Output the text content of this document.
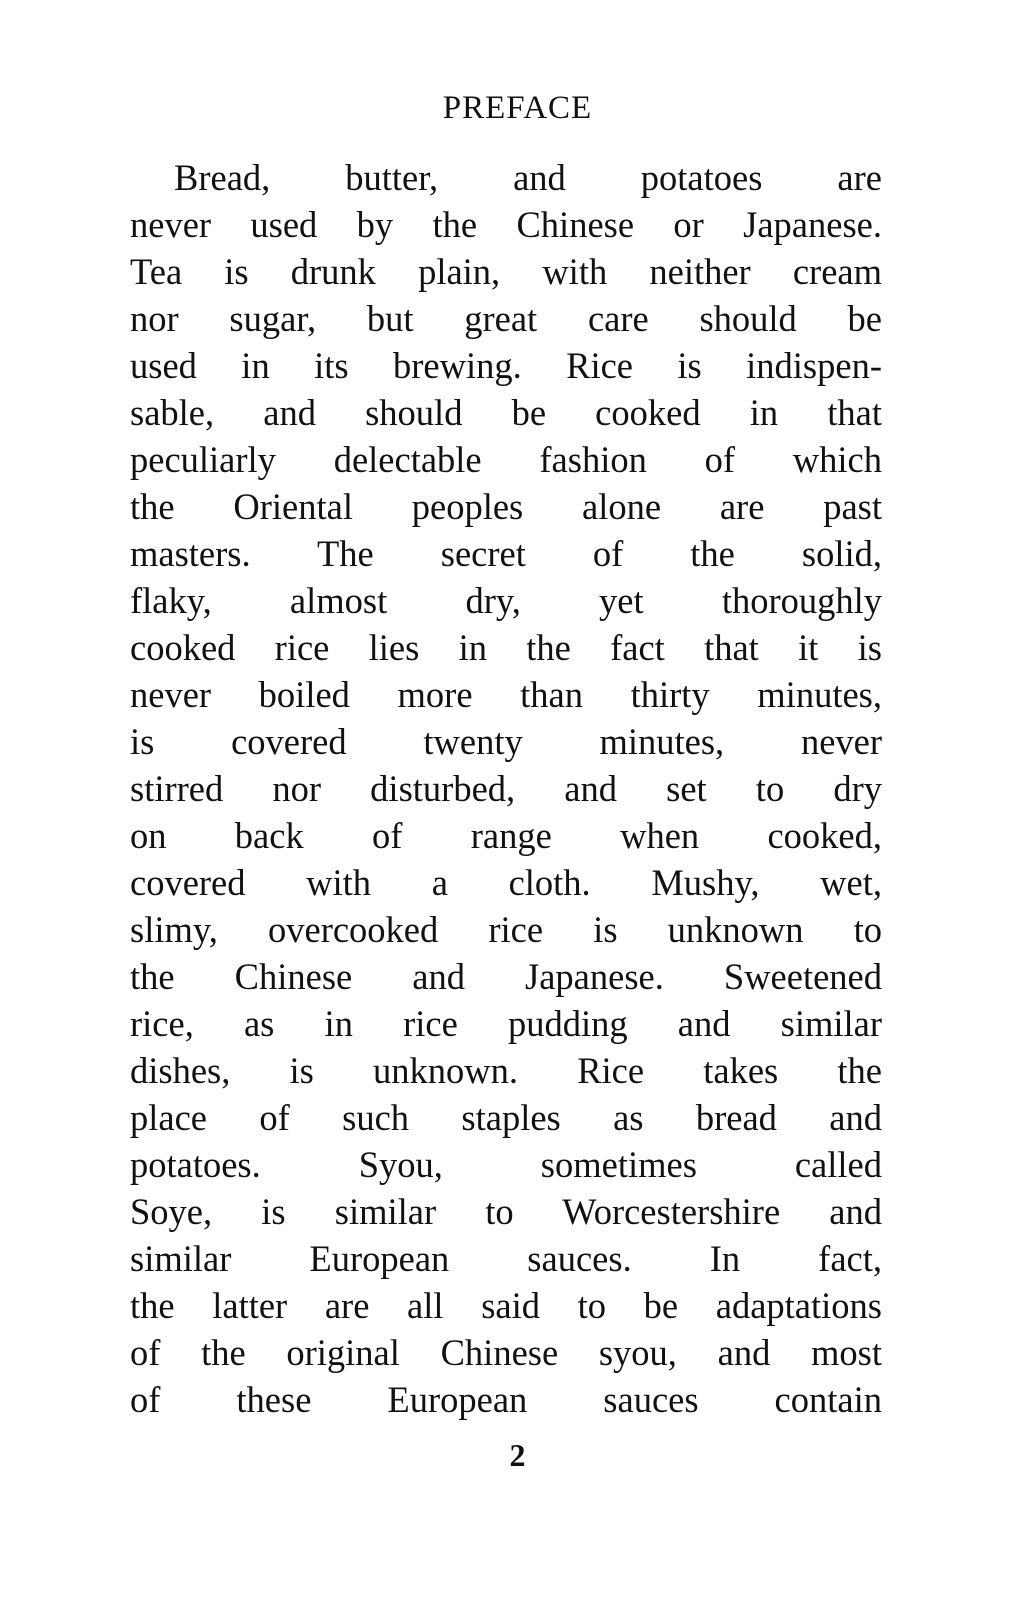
PREFACE
Bread, butter, and potatoes are
never used by the Chinese or Japanese.
Tea is drunk plain, with neither cream
nor sugar, but great care should be
used in its brewing. Rice is indispen-
sable, and should be cooked in that
peculiarly delectable fashion of which
the Oriental peoples alone are past
masters. The secret of the solid,
flaky, almost dry, yet thoroughly
cooked rice lies in the fact that it is
never boiled more than thirty minutes,
is covered twenty minutes, never
stirred nor disturbed, and set to dry
on back of range when cooked,
covered with a cloth. Mushy, wet,
slimy, overcooked rice is unknown to
the Chinese and Japanese. Sweetened
rice, as in rice pudding and similar
dishes, is unknown. Rice takes the
place of such staples as bread and
potatoes. Syou, sometimes called
Soye, is similar to Worcestershire and
similar European sauces. In fact,
the latter are all said to be adaptations
of the original Chinese syou, and most
of these European sauces contain
2
